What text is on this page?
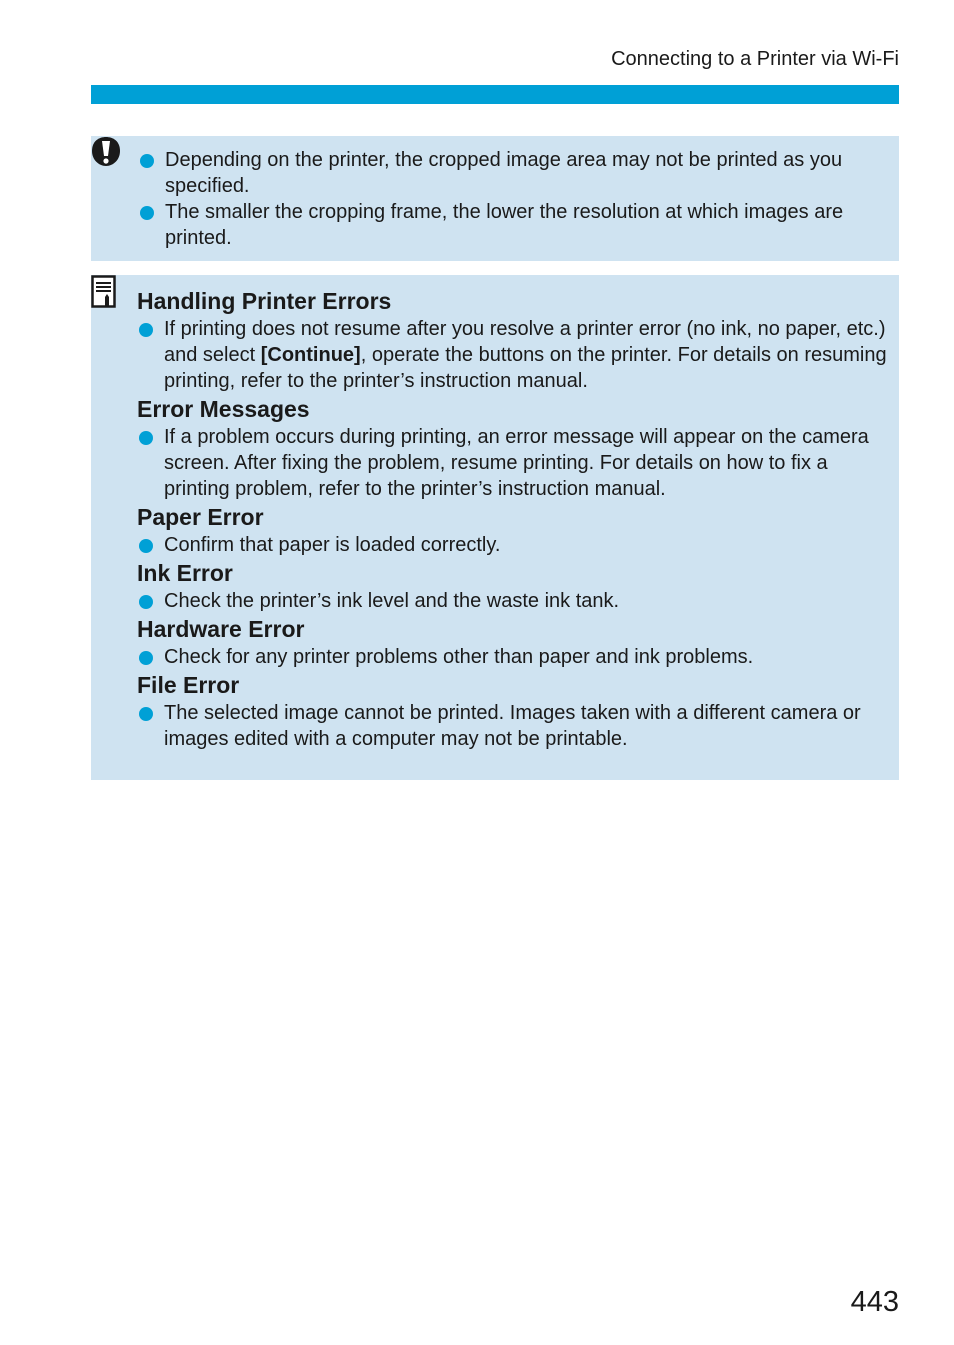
Connecting to a Printer via Wi-Fi
Depending on the printer, the cropped image area may not be printed as you specified.
The smaller the cropping frame, the lower the resolution at which images are printed.
Handling Printer Errors
If printing does not resume after you resolve a printer error (no ink, no paper, etc.) and select [Continue], operate the buttons on the printer. For details on resuming printing, refer to the printer’s instruction manual.
Error Messages
If a problem occurs during printing, an error message will appear on the camera screen. After fixing the problem, resume printing. For details on how to fix a printing problem, refer to the printer’s instruction manual.
Paper Error
Confirm that paper is loaded correctly.
Ink Error
Check the printer’s ink level and the waste ink tank.
Hardware Error
Check for any printer problems other than paper and ink problems.
File Error
The selected image cannot be printed. Images taken with a different camera or images edited with a computer may not be printable.
443
